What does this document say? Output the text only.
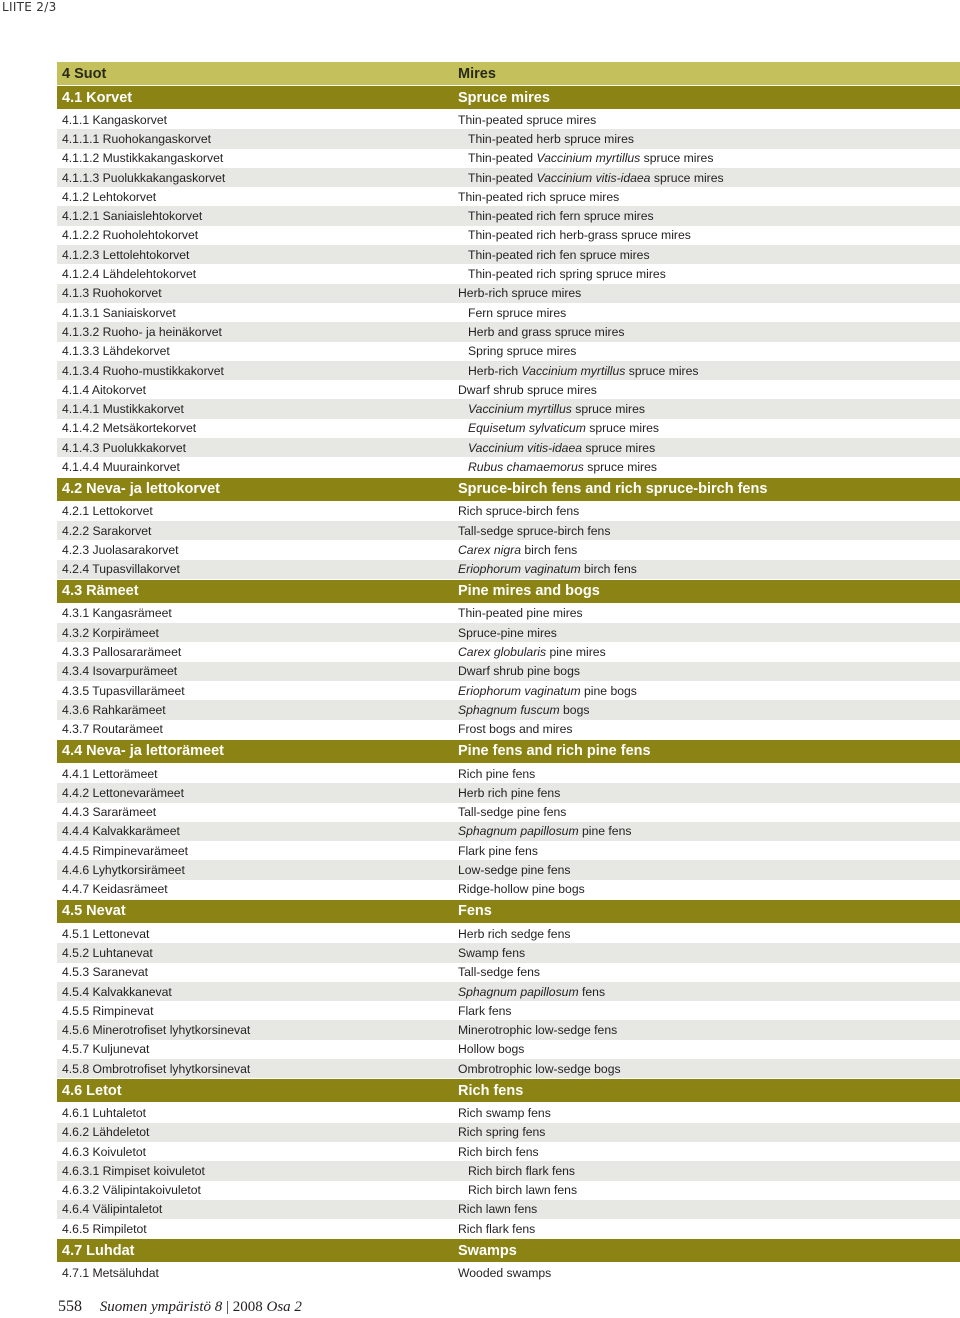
LIITE 2/3
4 Suot	Mires
4.1 Korvet	Spruce mires
4.1.1 Kangaskorvet	Thin-peated spruce mires
4.1.1.1 Ruohokangaskorvet	Thin-peated herb spruce mires
4.1.1.2 Mustikkakangaskorvet	Thin-peated Vaccinium myrtillus spruce mires
4.1.1.3 Puolukkakangaskorvet	Thin-peated Vaccinium vitis-idaea spruce mires
4.1.2 Lehtokorvet	Thin-peated rich spruce mires
4.1.2.1 Saniaislehtokorvet	Thin-peated rich fern spruce mires
4.1.2.2 Ruoholehtokorvet	Thin-peated rich herb-grass spruce mires
4.1.2.3 Lettolehtokorvet	Thin-peated rich fen spruce mires
4.1.2.4 Lähdelehtokorvet	Thin-peated rich spring spruce mires
4.1.3 Ruohokorvet	Herb-rich spruce mires
4.1.3.1 Saniaiskorvet	Fern spruce mires
4.1.3.2 Ruoho- ja heinäkorvet	Herb and grass spruce mires
4.1.3.3 Lähdekorvet	Spring spruce mires
4.1.3.4 Ruoho-mustikkakorvet	Herb-rich Vaccinium myrtillus spruce mires
4.1.4 Aitokorvet	Dwarf shrub spruce mires
4.1.4.1 Mustikkakorvet	Vaccinium myrtillus spruce mires
4.1.4.2 Metsäkortekorvet	Equisetum sylvaticum spruce mires
4.1.4.3 Puolukkakorvet	Vaccinium vitis-idaea spruce mires
4.1.4.4 Muurainkorvet	Rubus chamaemorus spruce mires
4.2 Neva- ja lettokorvet	Spruce-birch fens and rich spruce-birch fens
4.2.1 Lettokorvet	Rich spruce-birch fens
4.2.2 Sarakorvet	Tall-sedge spruce-birch fens
4.2.3 Juolasarakorvet	Carex nigra birch fens
4.2.4 Tupasvillakorvet	Eriophorum vaginatum birch fens
4.3 Rämeet	Pine mires and bogs
4.3.1 Kangasrämeet	Thin-peated pine mires
4.3.2 Korpirämeet	Spruce-pine mires
4.3.3 Pallosararämeet	Carex globularis pine mires
4.3.4 Isovarpurämeet	Dwarf shrub pine bogs
4.3.5 Tupasvillarämeet	Eriophorum vaginatum pine bogs
4.3.6 Rahkarämeet	Sphagnum fuscum bogs
4.3.7 Routarämeet	Frost bogs and mires
4.4 Neva- ja lettorämeet	Pine fens and rich pine fens
4.4.1 Lettorämeet	Rich pine fens
4.4.2 Lettonevarämeet	Herb rich pine fens
4.4.3 Sararämeet	Tall-sedge pine fens
4.4.4 Kalvakkarämeet	Sphagnum papillosum pine fens
4.4.5 Rimpinevarämeet	Flark pine fens
4.4.6 Lyhytkorsirämeet	Low-sedge pine fens
4.4.7 Keidasrämeet	Ridge-hollow pine bogs
4.5 Nevat	Fens
4.5.1 Lettonevat	Herb rich sedge fens
4.5.2 Luhtanevat	Swamp fens
4.5.3 Saranevat	Tall-sedge fens
4.5.4 Kalvakkanevat	Sphagnum papillosum fens
4.5.5 Rimpinevat	Flark fens
4.5.6 Minerotrofiset lyhytkorsinevat	Minerotrophic low-sedge fens
4.5.7 Kuljunevat	Hollow bogs
4.5.8 Ombrotrofiset lyhytkorsinevat	Ombrotrophic low-sedge bogs
4.6 Letot	Rich fens
4.6.1 Luhtaletot	Rich swamp fens
4.6.2 Lähdeletot	Rich spring fens
4.6.3 Koivuletot	Rich birch fens
4.6.3.1 Rimpiset koivuletot	Rich birch flark fens
4.6.3.2 Välipintakoivuletot	Rich birch lawn fens
4.6.4 Välipintaletot	Rich lawn fens
4.6.5 Rimpiletot	Rich flark fens
4.7 Luhdat	Swamps
4.7.1 Metsäluhdat	Wooded swamps
558 Suomen ympäristö 8 | 2008 Osa 2
